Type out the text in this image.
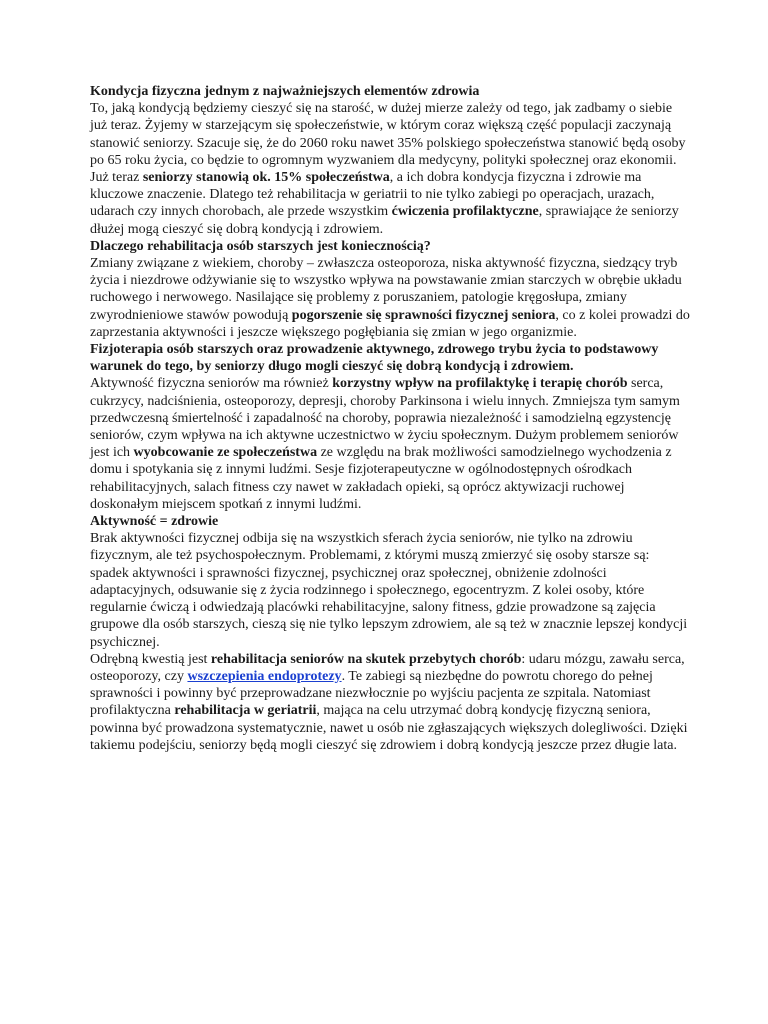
Kondycja fizyczna jednym z najważniejszych elementów zdrowia

To, jaką kondycją będziemy cieszyć się na starość, w dużej mierze zależy od tego, jak zadbamy o siebie już teraz. Żyjemy w starzejącym się społeczeństwie, w którym coraz większą część populacji zaczynają stanowić seniorzy. Szacuje się, że do 2060 roku nawet 35% polskiego społeczeństwa stanowić będą osoby po 65 roku życia, co będzie to ogromnym wyzwaniem dla medycyny, polityki społecznej oraz ekonomii. Już teraz seniorzy stanowią ok. 15% społeczeństwa, a ich dobra kondycja fizyczna i zdrowie ma kluczowe znaczenie. Dlatego też rehabilitacja w geriatrii to nie tylko zabiegi po operacjach, urazach, udarach czy innych chorobach, ale przede wszystkim ćwiczenia profilaktyczne, sprawiające że seniorzy dłużej mogą cieszyć się dobrą kondycją i zdrowiem.

Dlaczego rehabilitacja osób starszych jest koniecznością?

Zmiany związane z wiekiem, choroby – zwłaszcza osteoporoza, niska aktywność fizyczna, siedzący tryb życia i niezdrowe odżywianie się to wszystko wpływa na powstawanie zmian starczych w obrębie układu ruchowego i nerwowego. Nasilające się problemy z poruszaniem, patologie kręgosłupa, zmiany zwyrodnieniowe stawów powodują pogorszenie się sprawności fizycznej seniora, co z kolei prowadzi do zaprzestania aktywności i jeszcze większego pogłębiania się zmian w jego organizmie.

Fizjoterapia osób starszych oraz prowadzenie aktywnego, zdrowego trybu życia to podstawowy warunek do tego, by seniorzy długo mogli cieszyć się dobrą kondycją i zdrowiem.

Aktywność fizyczna seniorów ma również korzystny wpływ na profilaktykę i terapię chorób serca, cukrzycy, nadciśnienia, osteoporozy, depresji, choroby Parkinsona i wielu innych. Zmniejsza tym samym przedwczesną śmiertelność i zapadalność na choroby, poprawia niezależność i samodzielną egzystencję seniorów, czym wpływa na ich aktywne uczestnictwo w życiu społecznym. Dużym problemem seniorów jest ich wyobcowanie ze społeczeństwa ze względu na brak możliwości samodzielnego wychodzenia z domu i spotykania się z innymi ludźmi. Sesje fizjoterapeutyczne w ogólnodostępnych ośrodkach rehabilitacyjnych, salach fitness czy nawet w zakładach opieki, są oprócz aktywizacji ruchowej doskonałym miejscem spotkań z innymi ludźmi.

Aktywność = zdrowie

Brak aktywności fizycznej odbija się na wszystkich sferach życia seniorów, nie tylko na zdrowiu fizycznym, ale też psychospołecznym. Problemami, z którymi muszą zmierzyć się osoby starsze są: spadek aktywności i sprawności fizycznej, psychicznej oraz społecznej, obniżenie zdolności adaptacyjnych, odsuwanie się z życia rodzinnego i społecznego, egocentryzm. Z kolei osoby, które regularnie ćwiczą i odwiedzają placówki rehabilitacyjne, salony fitness, gdzie prowadzone są zajęcia grupowe dla osób starszych, cieszą się nie tylko lepszym zdrowiem, ale są też w znacznie lepszej kondycji psychicznej.

Odrębną kwestią jest rehabilitacja seniorów na skutek przebytych chorób: udaru mózgu, zawału serca, osteoporozy, czy wszczepienia endoprotezy. Te zabiegi są niezbędne do powrotu chorego do pełnej sprawności i powinny być przeprowadzane niezwłocznie po wyjściu pacjenta ze szpitala. Natomiast profilaktyczna rehabilitacja w geriatrii, mająca na celu utrzymać dobrą kondycję fizyczną seniora, powinna być prowadzona systematycznie, nawet u osób nie zgłaszających większych dolegliwości. Dzięki takiemu podejściu, seniorzy będą mogli cieszyć się zdrowiem i dobrą kondycją jeszcze przez długie lata.
